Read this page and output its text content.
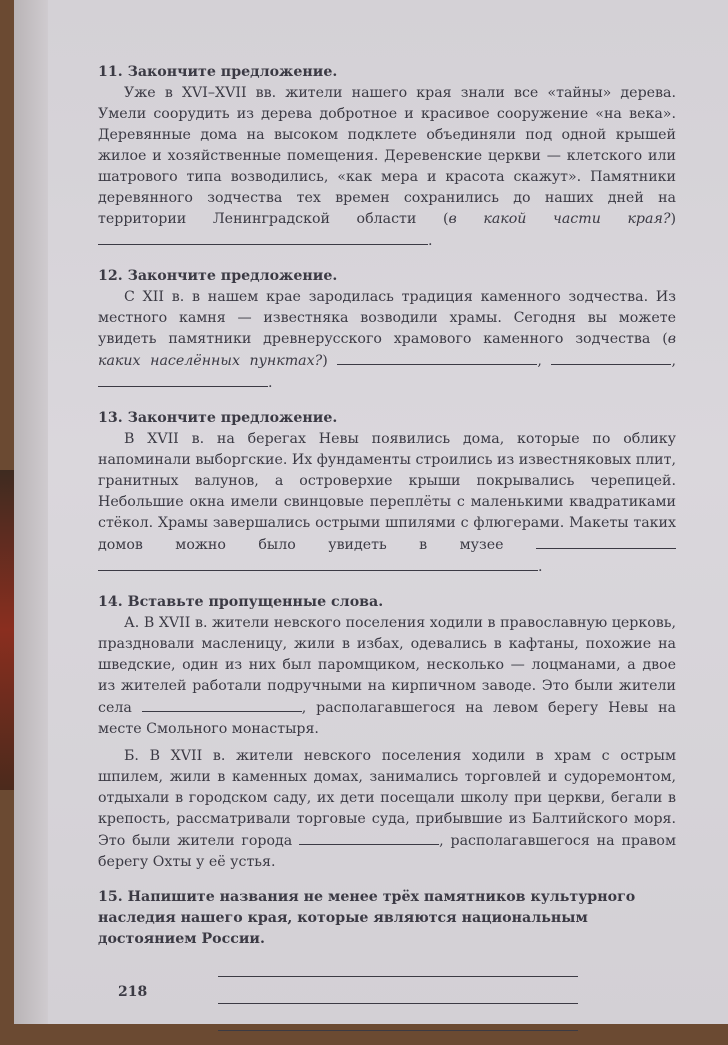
11. Закончите предложение.

Уже в XVI–XVII вв. жители нашего края знали все «тайны» дерева. Умели соорудить из дерева добротное и красивое сооружение «на века». Деревянные дома на высоком подклете объединяли под одной крышей жилое и хозяйственные помещения. Деревенские церкви — клетского или шатрового типа возводились, «как мера и красота скажут». Памятники деревянного зодчества тех времен сохранились до наших дней на территории Ленинградской области (в какой части края?) .

12. Закончите предложение.

С XII в. в нашем крае зародилась традиция каменного зодчества. Из местного камня — известняка возводили храмы. Сегодня вы можете увидеть памятники древнерусского храмового каменного зодчества (в каких населённых пунктах?)	,	, .

13. Закончите предложение.

В XVII в. на берегах Невы появились дома, которые по облику напоминали выборгские. Их фундаменты строились из известняковых плит, гранитных валунов, а островерхие крыши покрывались черепицей. Небольшие окна имели свинцовые переплёты с маленькими квадратиками стёкол. Храмы завершались острыми шпилями с флюгерами. Макеты таких домов можно было увидеть в музее  .

14. Вставьте пропущенные слова.

А. В XVII в. жители невского поселения ходили в православную церковь, праздновали масленицу, жили в избах, одевались в кафтаны, похожие на шведские, один из них был паромщиком, несколько — лоцманами, а двое из жителей работали подручными на кирпичном заводе. Это были жители села	, располагавшегося на левом берегу Невы на месте Смольного монастыря.

Б. В XVII в. жители невского поселения ходили в храм с острым шпилем, жили в каменных домах, занимались торговлей и судоремонтом, отдыхали в городском саду, их дети посещали школу при церкви, бегали в крепость, рассматривали торговые суда, прибывшие из Балтийского моря. Это были жители города	, располагавшегося на правом берегу Охты у её устья.

15. Напишите названия не менее трёх памятников культурного наследия нашего края, которые являются национальным достоянием России.

218
